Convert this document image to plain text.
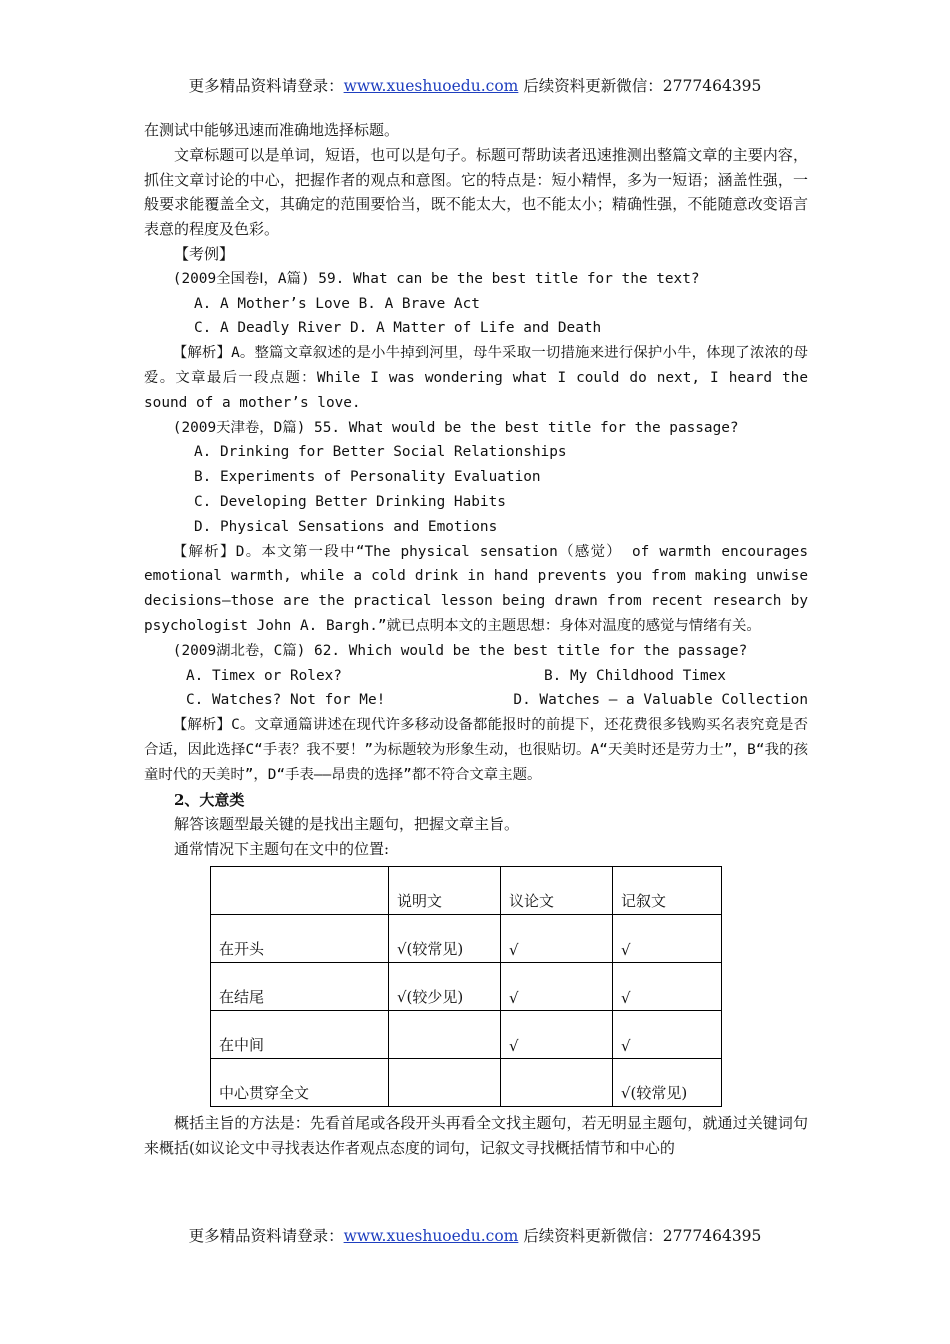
更多精品资料请登录：www.xueshuoedu.com 后续资料更新微信：2777464395

在测试中能够迅速而准确地选择标题。

文章标题可以是单词，短语，也可以是句子。标题可帮助读者迅速推测出整篇文章的主要内容，抓住文章讨论的中心，把握作者的观点和意图。它的特点是：短小精悍，多为一短语；涵盖性强，一般要求能覆盖全文，其确定的范围要恰当，既不能太大，也不能太小；精确性强，不能随意改变语言表意的程度及色彩。

【考例】

(2009全国卷Ⅰ，A篇) 59. What can be the best title for the text?

A. A Mother’s Love B. A Brave Act

C. A Deadly River D. A Matter of Life and Death

【解析】A。整篇文章叙述的是小牛掉到河里，母牛采取一切措施来进行保护小牛，体现了浓浓的母爱。文章最后一段点题：While I was wondering what I could do next, I heard the sound of a mother’s love.

(2009天津卷，D篇) 55. What would be the best title for the passage?

A. Drinking for Better Social Relationships

B. Experiments of Personality Evaluation

C. Developing Better Drinking Habits

D. Physical Sensations and Emotions

【解析】D。本文第一段中“The physical sensation（感觉） of warmth encourages emotional warmth, while a cold drink in hand prevents you from making unwise decisions—those are the practical lesson being drawn from recent research by psychologist John A. Bargh.”就已点明本文的主题思想：身体对温度的感觉与情绪有关。

(2009湖北卷，C篇) 62. Which would be the best title for the passage?

A. Timex or Rolex?	B. My Childhood Timex
C. Watches? Not for Me!	D. Watches — a Valuable Collection

【解析】C。文章通篇讲述在现代许多移动设备都能报时的前提下，还花费很多钱购买名表究竟是否合适，因此选择C“手表？我不要！”为标题较为形象生动，也很贴切。A“天美时还是劳力士”，B“我的孩童时代的天美时”，D“手表——昂贵的选择”都不符合文章主题。

2、大意类

解答该题型最关键的是找出主题句，把握文章主旨。

通常情况下主题句在文中的位置:

	说明文	议论文	记叙文
在开头	√(较常见)	√	√
在结尾	√(较少见)	√	√
在中间		√	√
中心贯穿全文			√(较常见)

概括主旨的方法是：先看首尾或各段开头再看全文找主题句，若无明显主题句，就通过关键词句来概括(如议论文中寻找表达作者观点态度的词句，记叙文寻找概括情节和中心的

更多精品资料请登录：www.xueshuoedu.com 后续资料更新微信：2777464395
